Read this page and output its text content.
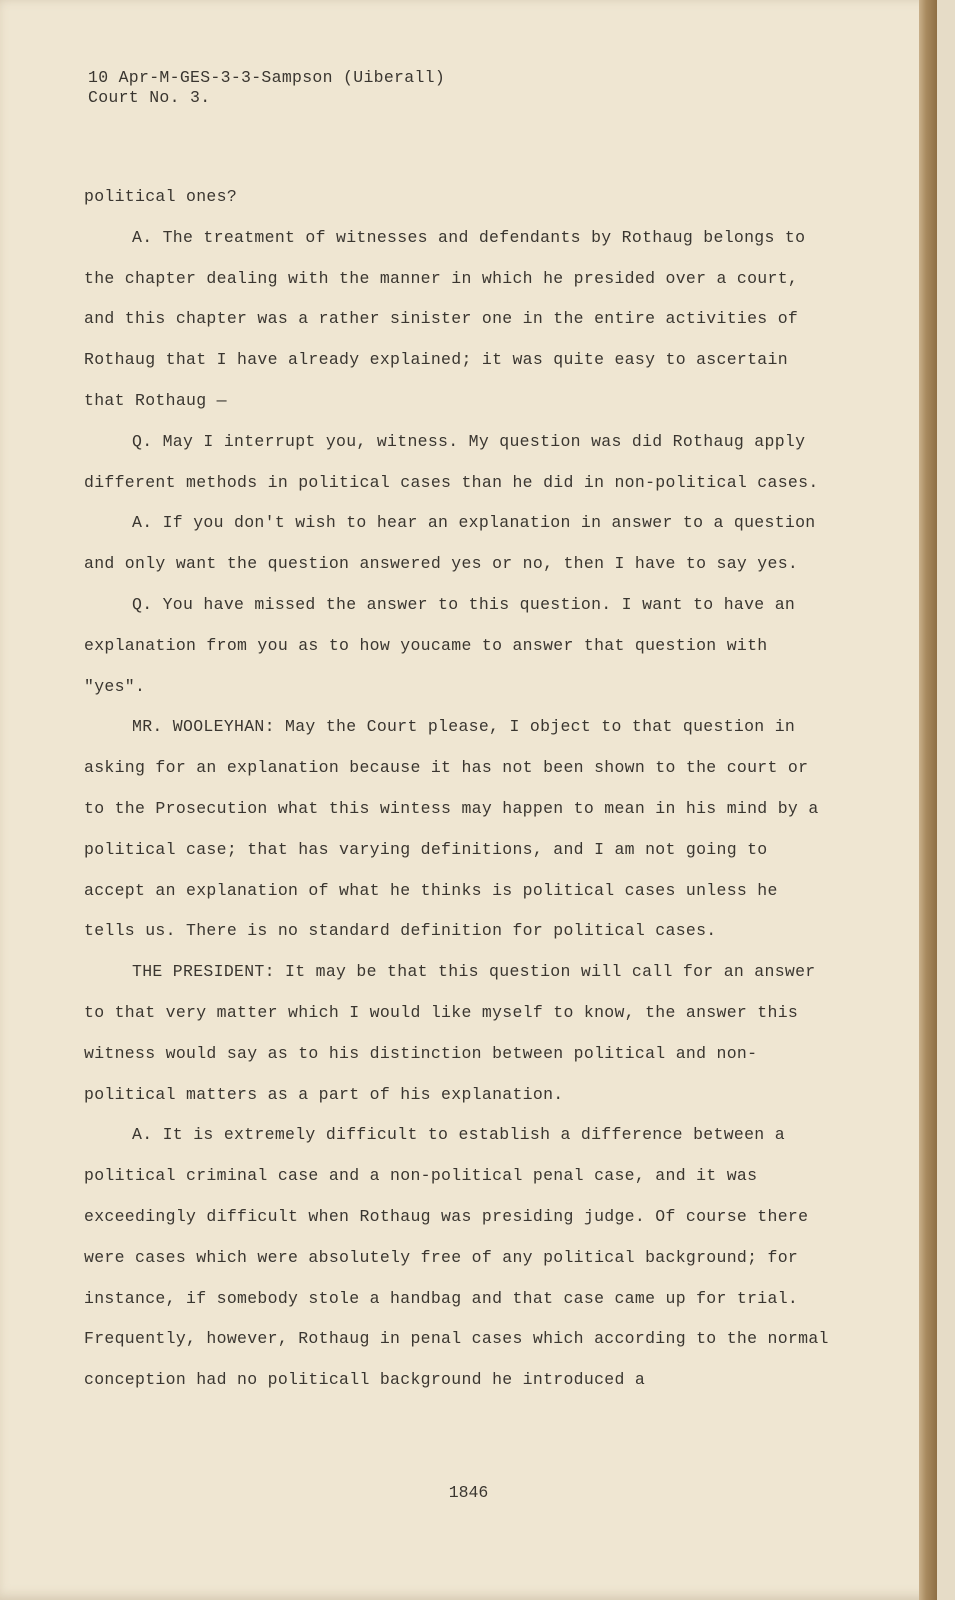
10 Apr-M-GES-3-3-Sampson (Uiberall)
Court No. 3.

political ones?

A. The treatment of witnesses and defendants by Rothaug belongs to the chapter dealing with the manner in which he presided over a court, and this chapter was a rather sinister one in the entire activities of Rothaug that I have already explained; it was quite easy to ascertain that Rothaug —

Q. May I interrupt you, witness. My question was did Rothaug apply different methods in political cases than he did in non-political cases.

A. If you don't wish to hear an explanation in answer to a question and only want the question answered yes or no, then I have to say yes.

Q. You have missed the answer to this question. I want to have an explanation from you as to how youcame to answer that question with "yes".

MR. WOOLEYHAN: May the Court please, I object to that question in asking for an explanation because it has not been shown to the court or to the Prosecution what this wintess may happen to mean in his mind by a political case; that has varying definitions, and I am not going to accept an explanation of what he thinks is political cases unless he tells us. There is no standard definition for political cases.

THE PRESIDENT: It may be that this question will call for an answer to that very matter which I would like myself to know, the answer this witness would say as to his distinction between political and non-political matters as a part of his explanation.

A. It is extremely difficult to establish a difference between a political criminal case and a non-political penal case, and it was exceedingly difficult when Rothaug was presiding judge. Of course there were cases which were absolutely free of any political background; for instance, if somebody stole a handbag and that case came up for trial. Frequently, however, Rothaug in penal cases which according to the normal conception had no politicall background he introduced a

1846
